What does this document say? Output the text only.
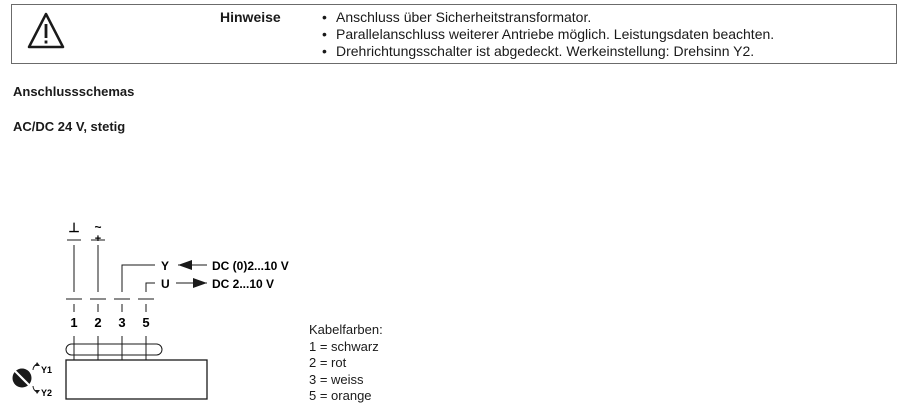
Hinweise
•	Anschluss über Sicherheitstransformator.
• Parallelanschluss weiterer Antriebe möglich. Leistungsdaten beachten.
• Drehrichtungsschalter ist abgedeckt. Werkeinstellung: Drehsinn Y2.
Anschlussschemas
AC/DC 24 V, stetig
⊥ ~
+
Y	DC (0)2...10 V
U	DC 2...10 V
1 2 3 5
Y1
Y2
Kabelfarben:
1 = schwarz
2 = rot
3 = weiss
5 = orange
